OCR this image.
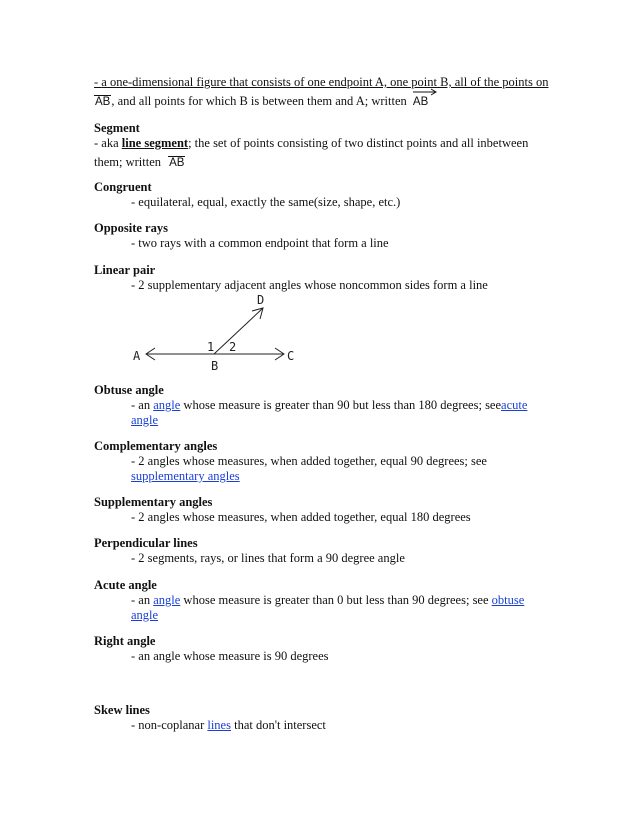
- a one-dimensional figure that consists of one endpoint A, one point B, all of the points on
AB, and all points for which B is between them and A; written AB
Segment
- aka line segment; the set of points consisting of two distinct points and all inbetween
them; written AB
Congruent
- equilateral, equal, exactly the same(size, shape, etc.)
Opposite rays
- two rays with a common endpoint that form a line
Linear pair
- 2 supplementary adjacent angles whose noncommon sides form a line
D
A	C
B
1 2
Obtuse angle
- an angle whose measure is greater than 90 but less than 180 degrees; seeacute
angle
Complementary angles
- 2 angles whose measures, when added together, equal 90 degrees; see
supplementary angles
Supplementary angles
- 2 angles whose measures, when added together, equal 180 degrees
Perpendicular lines
- 2 segments, rays, or lines that form a 90 degree angle
Acute angle
- an angle whose measure is greater than 0 but less than 90 degrees; see obtuse
angle
Right angle
- an angle whose measure is 90 degrees
Skew lines
- non-coplanar lines that don't intersect
